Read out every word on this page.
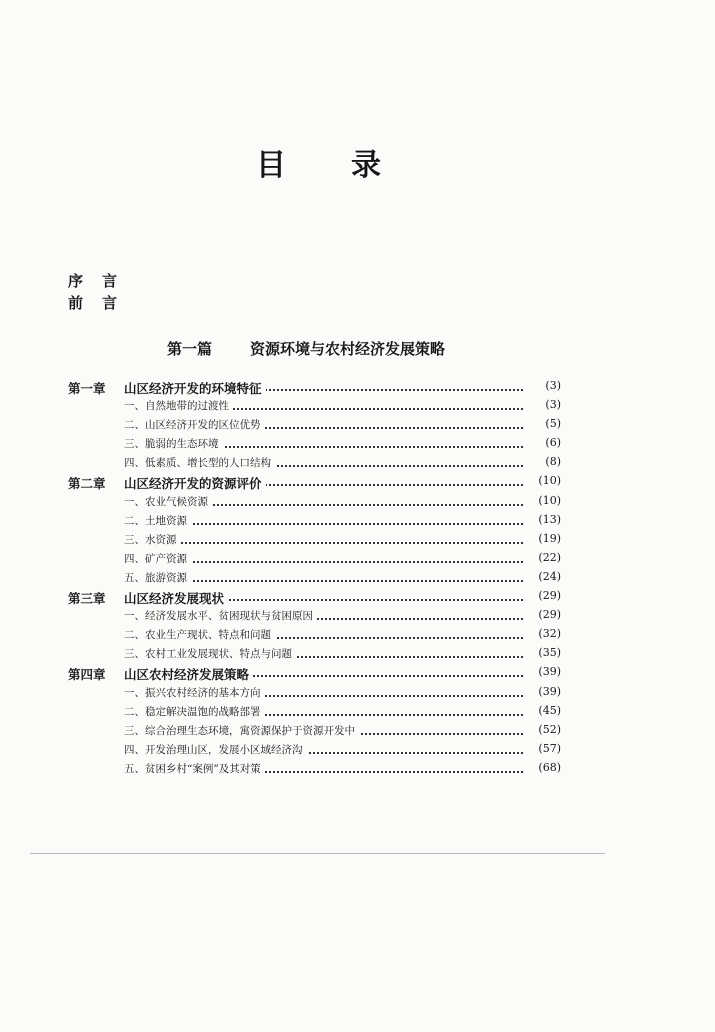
目 录
序 言
前 言
第一篇	资源环境与农村经济发展策略
第一章 山区经济开发的环境特征	(3)
一、自然地带的过渡性	(3)
二、山区经济开发的区位优势	(5)
三、脆弱的生态环境	(6)
四、低素质、增长型的人口结构	(8)
第二章 山区经济开发的资源评价	(10)
一、农业气候资源	(10)
二、土地资源	(13)
三、水资源	(19)
四、矿产资源	(22)
五、旅游资源	(24)
第三章 山区经济发展现状	(29)
一、经济发展水平、贫困现状与贫困原因	(29)
二、农业生产现状、特点和问题	(32)
三、农村工业发展现状、特点与问题	(35)
第四章 山区农村经济发展策略	(39)
一、振兴农村经济的基本方向	(39)
二、稳定解决温饱的战略部署	(45)
三、综合治理生态环境，寓资源保护于资源开发中	(52)
四、开发治理山区，发展小区域经济沟	(57)
五、贫困乡村“案例”及其对策	(68)
